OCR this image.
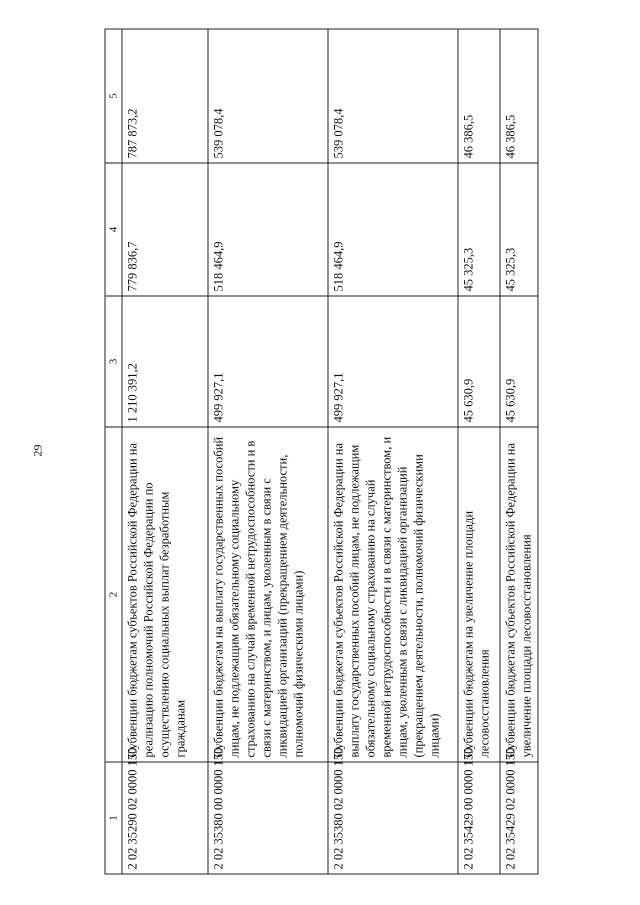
29
1	2	3	4	5
2 02 35290 02 0000 150	Субвенции бюджетам субъектов Российской Федерации на реализацию полномочий Российской Федерации по осуществлению социальных выплат безработным гражданам	1 210 391,2	779 836,7	787 873,2
2 02 35380 00 0000 150	Субвенции бюджетам на выплату государственных пособий лицам, не подлежащим обязательному социальному страхованию на случай временной нетрудоспособности и в связи с материнством, и лицам, уволенным в связи с ликвидацией организаций (прекращением деятельности, полномочий физическими лицами)	499 927,1	518 464,9	539 078,4
2 02 35380 02 0000 150	Субвенции бюджетам субъектов Российской Федерации на выплату государственных пособий лицам, не подлежащим обязательному социальному страхованию на случай временной нетрудоспособности и в связи с материнством, и лицам, уволенным в связи с ликвидацией организаций (прекращением деятельности, полномочий физическими лицами)	499 927,1	518 464,9	539 078,4
2 02 35429 00 0000 150	Субвенции бюджетам на увеличение площади лесовосстановления	45 630,9	45 325,3	46 386,5
2 02 35429 02 0000 150	Субвенции бюджетам субъектов Российской Федерации на увеличение площади лесовосстановления	45 630,9	45 325,3	46 386,5
